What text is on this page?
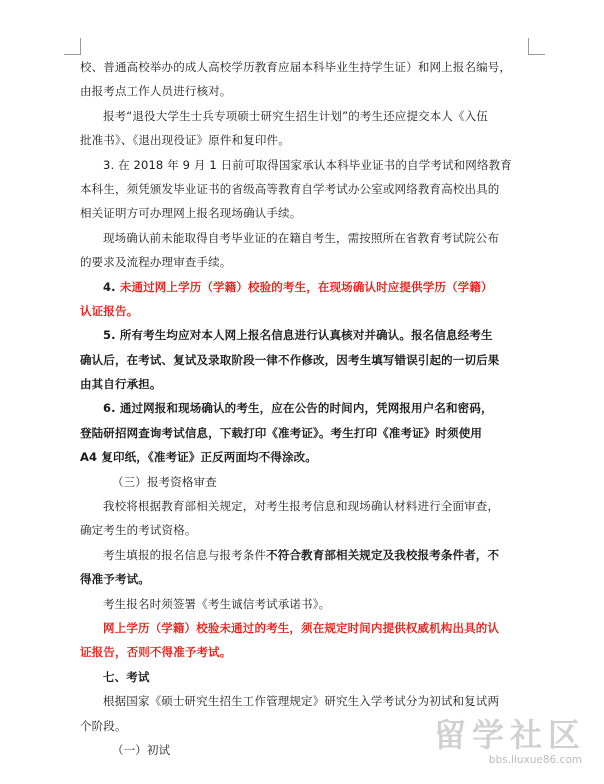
校、普通高校举办的成人高校学历教育应届本科毕业生持学生证）和网上报名编号，
由报考点工作人员进行核对。
报考“退役大学生士兵专项硕士研究生招生计划”的考生还应提交本人《入伍
批准书》、《退出现役证》原件和复印件。
3. 在 2018 年 9 月 1 日前可取得国家承认本科毕业证书的自学考试和网络教育
本科生，须凭颁发毕业证书的省级高等教育自学考试办公室或网络教育高校出具的
相关证明方可办理网上报名现场确认手续。
现场确认前未能取得自考毕业证的在籍自考生，需按照所在省教育考试院公布
的要求及流程办理审查手续。
4. 未通过网上学历（学籍）校验的考生，在现场确认时应提供学历（学籍）
认证报告。
5. 所有考生均应对本人网上报名信息进行认真核对并确认。报名信息经考生
确认后，在考试、复试及录取阶段一律不作修改，因考生填写错误引起的一切后果
由其自行承担。
6. 通过网报和现场确认的考生，应在公告的时间内，凭网报用户名和密码，
登陆研招网查询考试信息，下载打印《准考证》。考生打印《准考证》时须使用
A4 复印纸，《准考证》正反两面均不得涂改。
（三）报考资格审查
我校将根据教育部相关规定，对考生报考信息和现场确认材料进行全面审查，
确定考生的考试资格。
考生填报的报名信息与报考条件不符合教育部相关规定及我校报考条件者，不
得准予考试。
考生报名时须签署《考生诚信考试承诺书》。
网上学历（学籍）校验未通过的考生，须在规定时间内提供权威机构出具的认
证报告，否则不得准予考试。
七、考试
根据国家《硕士研究生招生工作管理规定》研究生入学考试分为初试和复试两
个阶段。
（一）初试	留学社区
bbs.liuxue86.com
